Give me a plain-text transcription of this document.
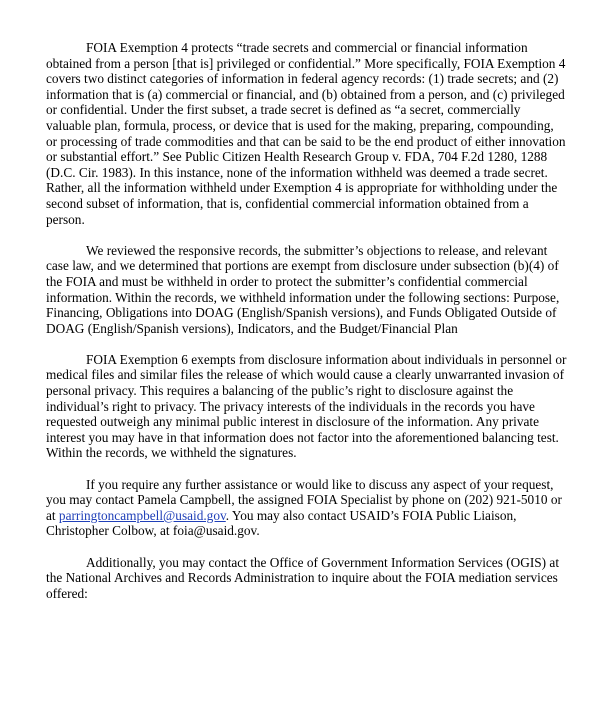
FOIA Exemption 4 protects “trade secrets and commercial or financial information obtained from a person [that is] privileged or confidential.” More specifically, FOIA Exemption 4 covers two distinct categories of information in federal agency records: (1) trade secrets; and (2) information that is (a) commercial or financial, and (b) obtained from a person, and (c) privileged or confidential. Under the first subset, a trade secret is defined as “a secret, commercially valuable plan, formula, process, or device that is used for the making, preparing, compounding, or processing of trade commodities and that can be said to be the end product of either innovation or substantial effort.” See Public Citizen Health Research Group v. FDA, 704 F.2d 1280, 1288 (D.C. Cir. 1983). In this instance, none of the information withheld was deemed a trade secret. Rather, all the information withheld under Exemption 4 is appropriate for withholding under the second subset of information, that is, confidential commercial information obtained from a person.

We reviewed the responsive records, the submitter’s objections to release, and relevant case law, and we determined that portions are exempt from disclosure under subsection (b)(4) of the FOIA and must be withheld in order to protect the submitter’s confidential commercial information. Within the records, we withheld information under the following sections: Purpose, Financing, Obligations into DOAG (English/Spanish versions), and Funds Obligated Outside of DOAG (English/Spanish versions), Indicators, and the Budget/Financial Plan

FOIA Exemption 6 exempts from disclosure information about individuals in personnel or medical files and similar files the release of which would cause a clearly unwarranted invasion of personal privacy. This requires a balancing of the public’s right to disclosure against the individual’s right to privacy. The privacy interests of the individuals in the records you have requested outweigh any minimal public interest in disclosure of the information. Any private interest you may have in that information does not factor into the aforementioned balancing test. Within the records, we withheld the signatures.

If you require any further assistance or would like to discuss any aspect of your request, you may contact Pamela Campbell, the assigned FOIA Specialist by phone on (202) 921-5010 or at parringtoncampbell@usaid.gov. You may also contact USAID’s FOIA Public Liaison, Christopher Colbow, at foia@usaid.gov.

Additionally, you may contact the Office of Government Information Services (OGIS) at the National Archives and Records Administration to inquire about the FOIA mediation services offered:
